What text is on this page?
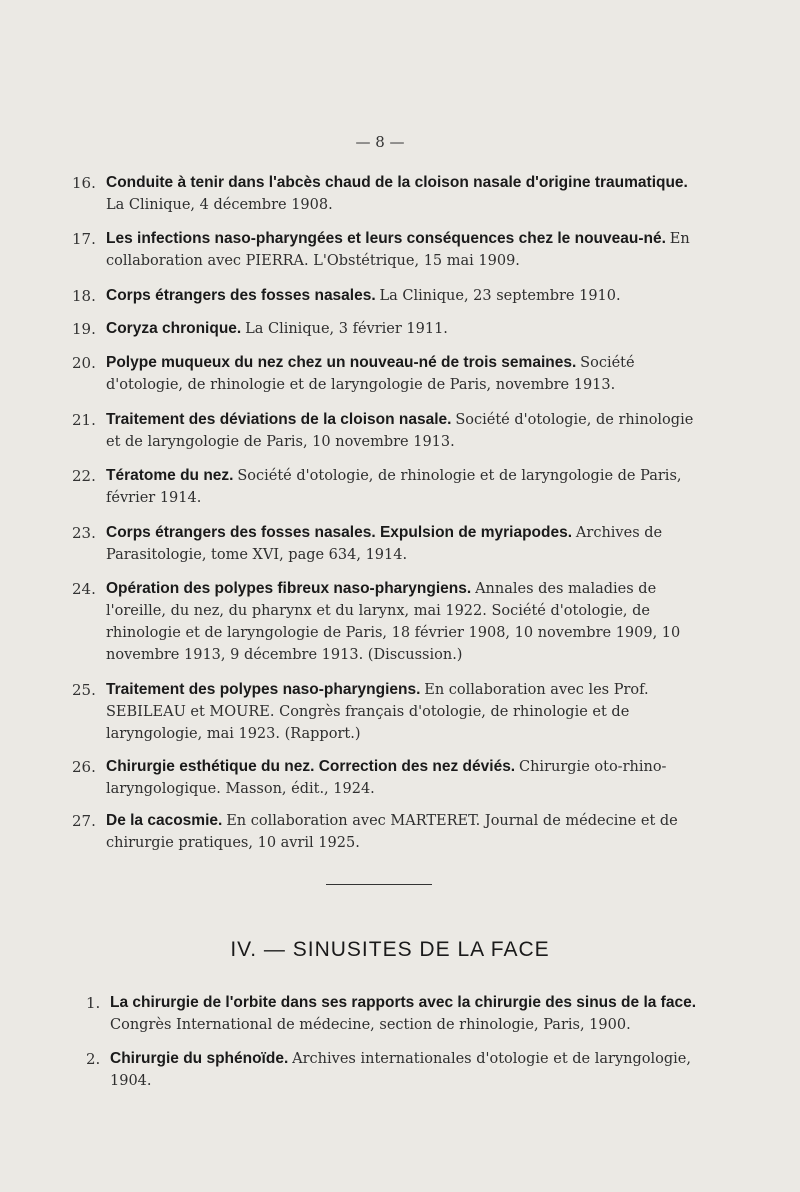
— 8 —
16. Conduite à tenir dans l'abcès chaud de la cloison nasale d'origine traumatique. La Clinique, 4 décembre 1908.
17. Les infections naso-pharyngées et leurs conséquences chez le nouveau-né. En collaboration avec PIERRA. L'Obstétrique, 15 mai 1909.
18. Corps étrangers des fosses nasales. La Clinique, 23 septembre 1910.
19. Coryza chronique. La Clinique, 3 février 1911.
20. Polype muqueux du nez chez un nouveau-né de trois semaines. Société d'otologie, de rhinologie et de laryngologie de Paris, novembre 1913.
21. Traitement des déviations de la cloison nasale. Société d'otologie, de rhinologie et de laryngologie de Paris, 10 novembre 1913.
22. Tératome du nez. Société d'otologie, de rhinologie et de laryngologie de Paris, février 1914.
23. Corps étrangers des fosses nasales. Expulsion de myriapodes. Archives de Parasitologie, tome XVI, page 634, 1914.
24. Opération des polypes fibreux naso-pharyngiens. Annales des maladies de l'oreille, du nez, du pharynx et du larynx, mai 1922. Société d'otologie, de rhinologie et de laryngologie de Paris, 18 février 1908, 10 novembre 1909, 10 novembre 1913, 9 décembre 1913. (Discussion.)
25. Traitement des polypes naso-pharyngiens. En collaboration avec les Prof. SEBILEAU et MOURE. Congrès français d'otologie, de rhinologie et de laryngologie, mai 1923. (Rapport.)
26. Chirurgie esthétique du nez. Correction des nez déviés. Chirurgie oto-rhino-laryngologique. Masson, édit., 1924.
27. De la cacosmie. En collaboration avec MARTERET. Journal de médecine et de chirurgie pratiques, 10 avril 1925.
IV. — SINUSITES DE LA FACE
1. La chirurgie de l'orbite dans ses rapports avec la chirurgie des sinus de la face. Congrès International de médecine, section de rhinologie, Paris, 1900.
2. Chirurgie du sphénoïde. Archives internationales d'otologie et de laryngologie, 1904.
